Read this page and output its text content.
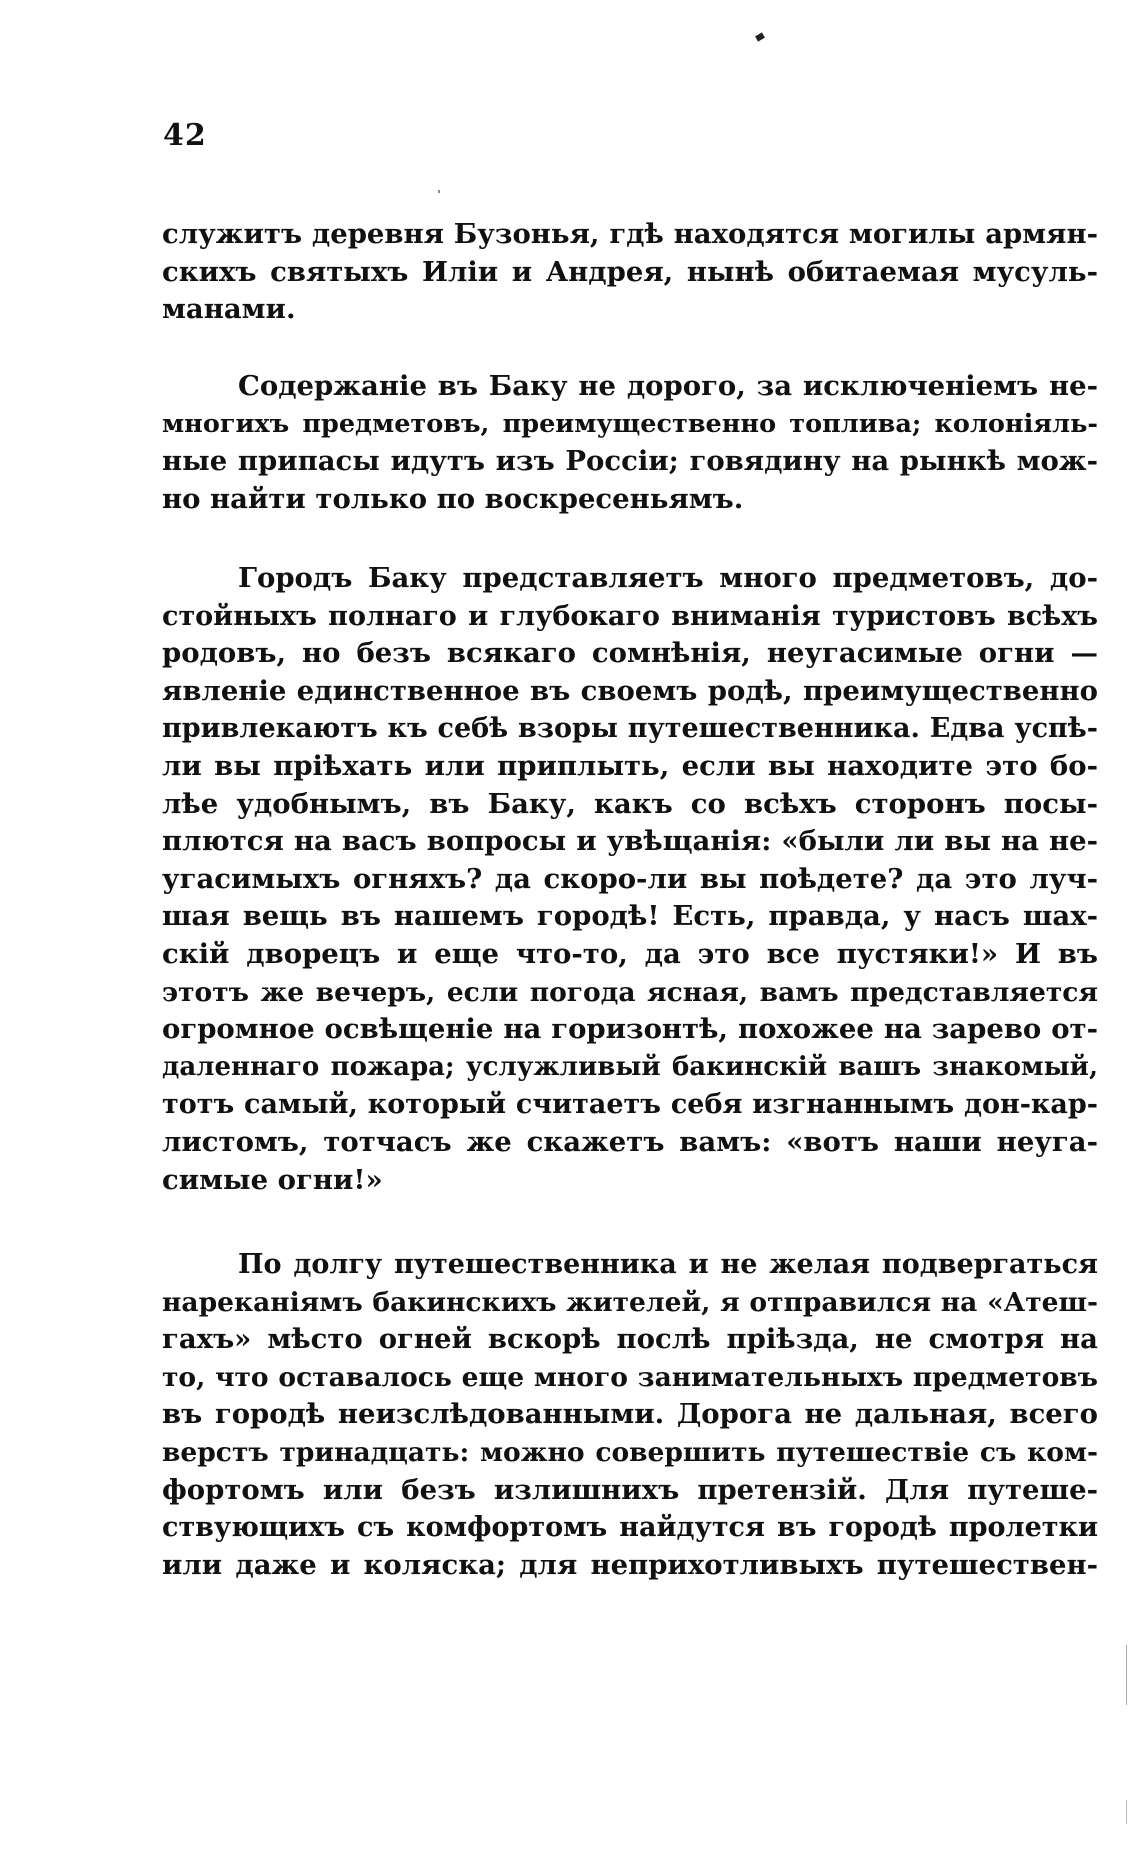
42
служитъ деревня Бузонья, гдѣ находятся могилы армян-
скихъ святыхъ Иліи и Андрея, нынѣ обитаемая мусуль-
манами.
Содержаніе въ Баку не дорого, за исключеніемъ не-
многихъ предметовъ, преимущественно топлива; колоніяль-
ные припасы идутъ изъ Россіи; говядину на рынкѣ мож-
но найти только по воскресеньямъ.
Городъ Баку представляетъ много предметовъ, до-
стойныхъ полнаго и глубокаго вниманія туристовъ всѣхъ
родовъ, но безъ всякаго сомнѣнія, неугасимые огни —
явленіе единственное въ своемъ родѣ, преимущественно
привлекаютъ къ себѣ взоры путешественника. Едва успѣ-
ли вы пріѣхать или приплыть, если вы находите это бо-
лѣе удобнымъ, въ Баку, какъ со всѣхъ сторонъ посы-
плются на васъ вопросы и увѣщанія: «были ли вы на не-
угасимыхъ огняхъ? да скоро-ли вы поѣдете? да это луч-
шая вещь въ нашемъ городѣ! Есть, правда, у насъ шах-
скій дворецъ и еще что-то, да это все пустяки!» И въ
этотъ же вечеръ, если погода ясная, вамъ представляется
огромное освѣщеніе на горизонтѣ, похожее на зарево от-
даленнаго пожара; услужливый бакинскій вашъ знакомый,
тотъ самый, который считаетъ себя изгнаннымъ дон-кар-
листомъ, тотчасъ же скажетъ вамъ: «вотъ наши неуга-
симые огни!»
По долгу путешественника и не желая подвергаться
нареканіямъ бакинскихъ жителей, я отправился на «Атеш-
гахъ» мѣсто огней вскорѣ послѣ пріѣзда, не смотря на
то, что оставалось еще много занимательныхъ предметовъ
въ городѣ неизслѣдованными. Дорога не дальная, всего
верстъ тринадцать: можно совершить путешествіе съ ком-
фортомъ или безъ излишнихъ претензій. Для путеше-
ствующихъ съ комфортомъ найдутся въ городѣ пролетки
или даже и коляска; для неприхотливыхъ путешествен-
